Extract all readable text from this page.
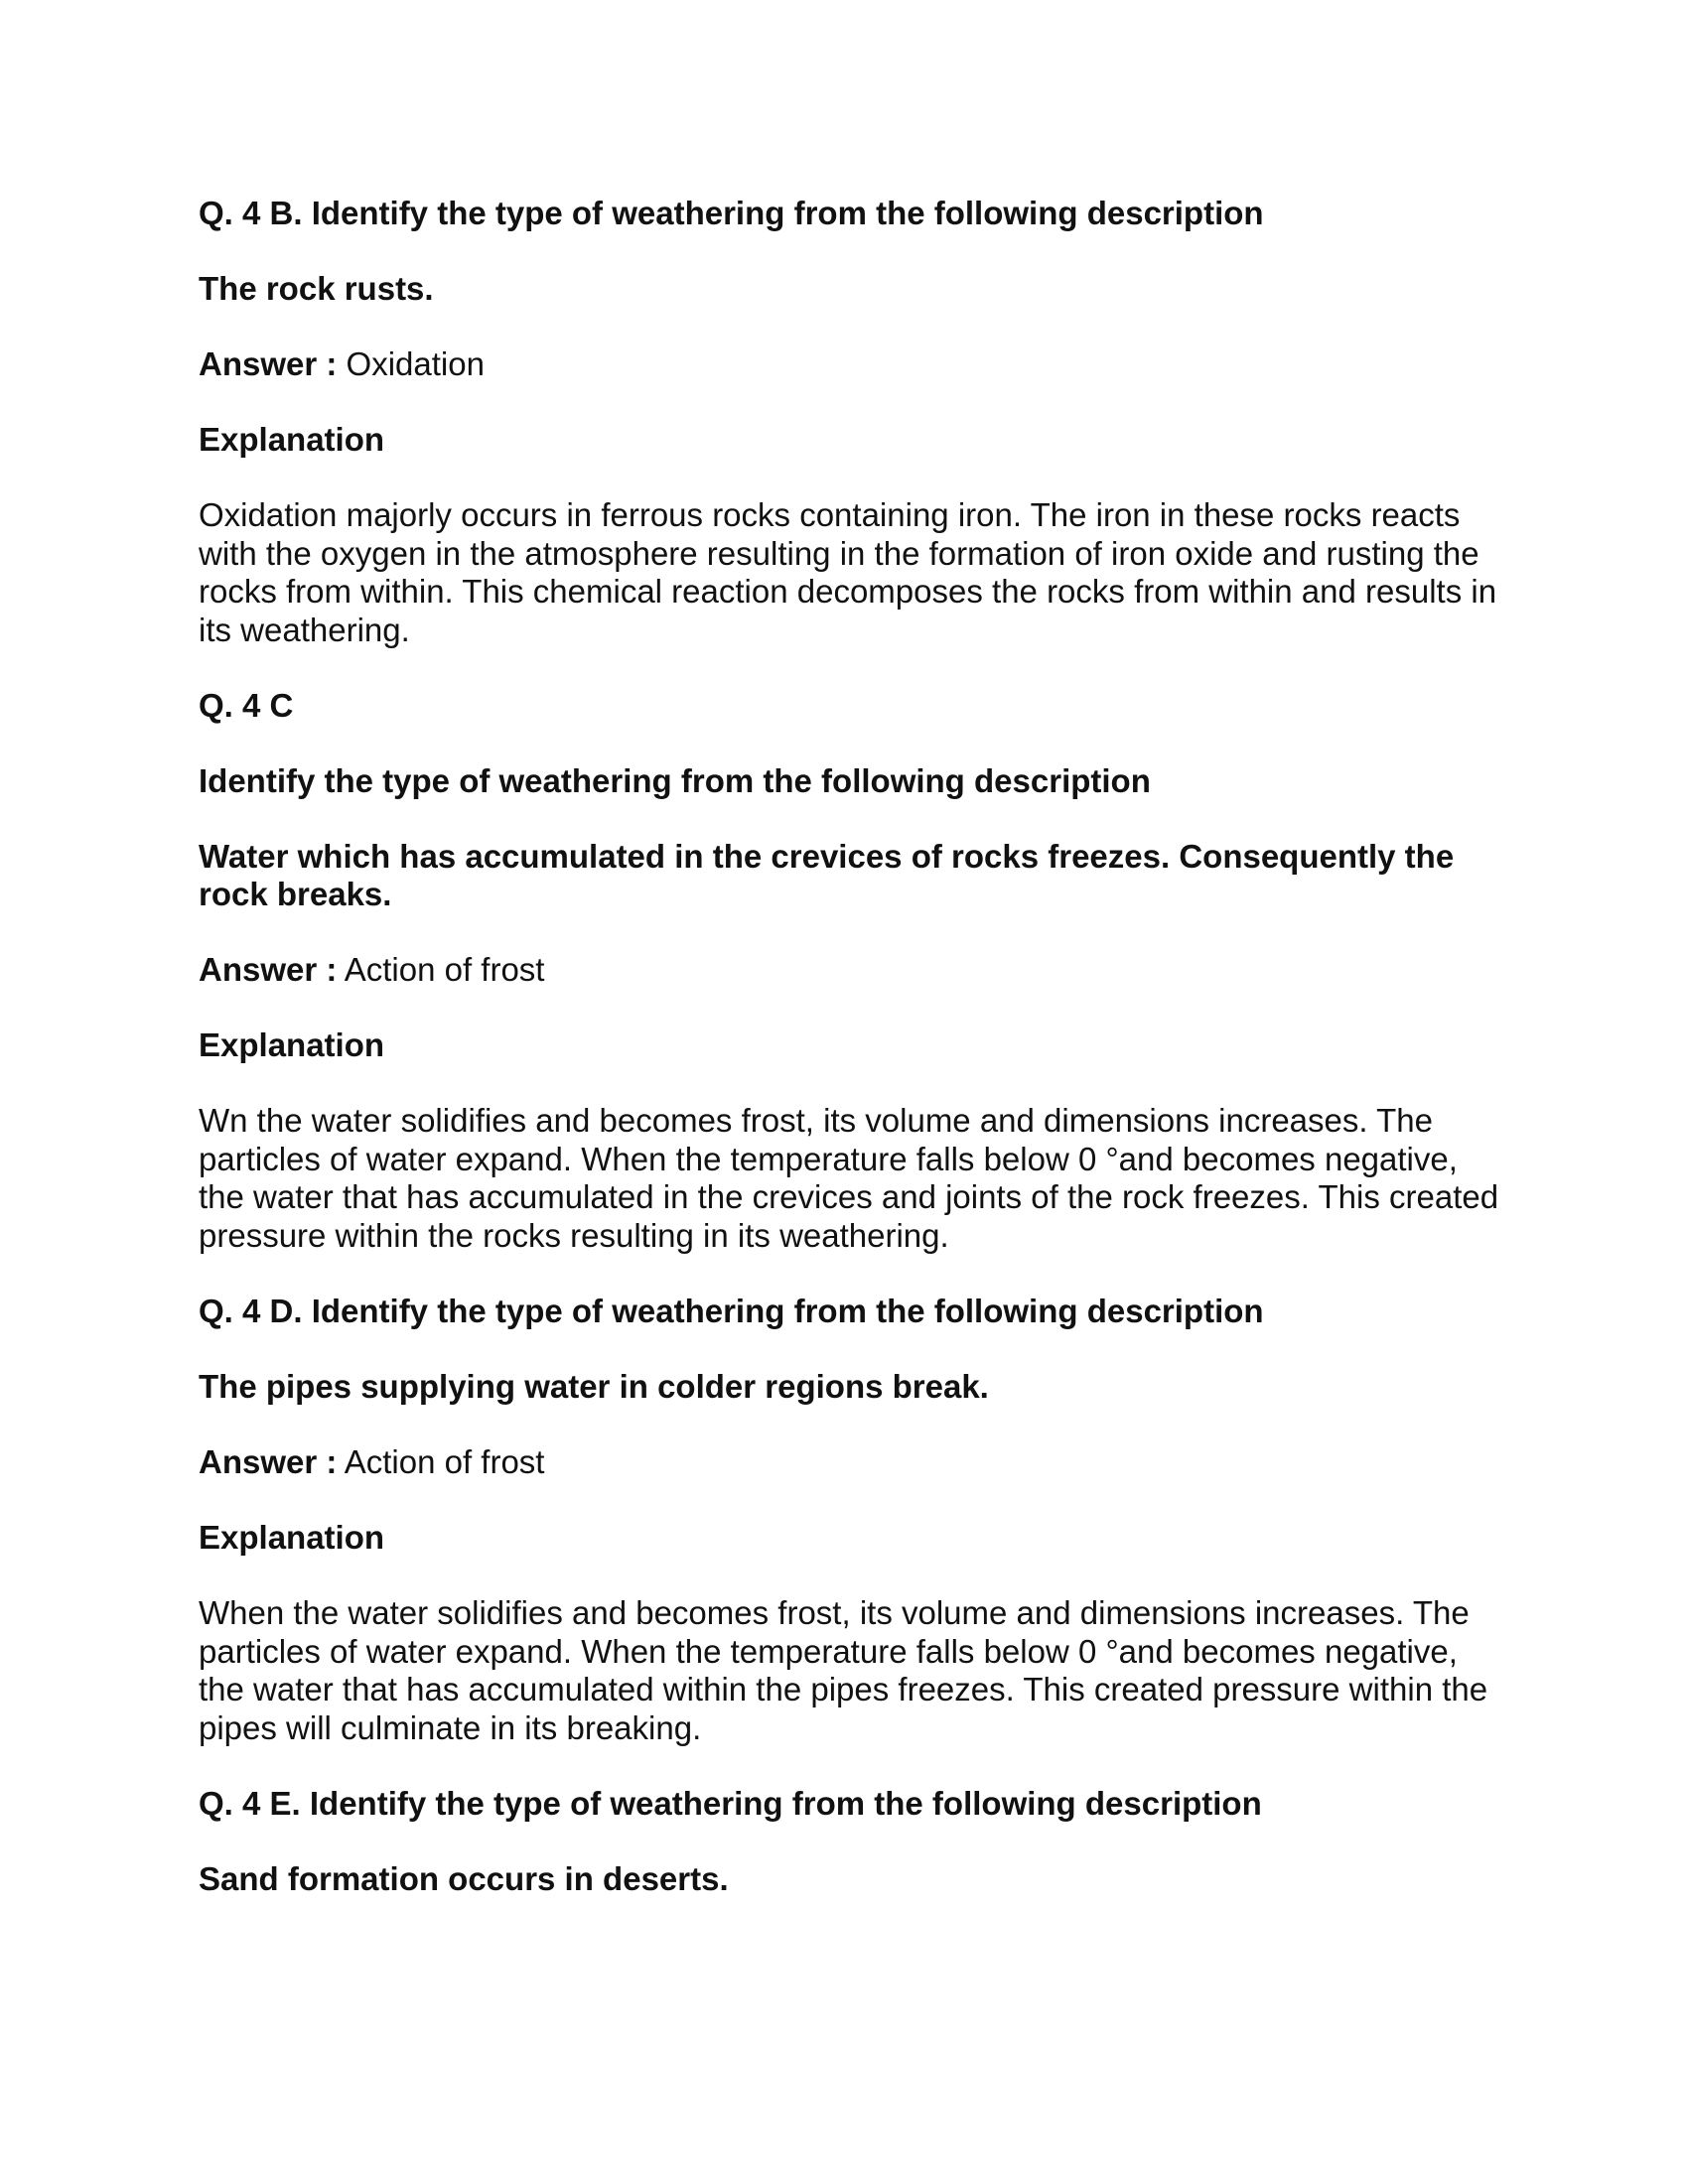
Q. 4 B. Identify the type of weathering from the following description
The rock rusts.
Answer : Oxidation
Explanation
Oxidation majorly occurs in ferrous rocks containing iron. The iron in these rocks reacts with the oxygen in the atmosphere resulting in the formation of iron oxide and rusting the rocks from within. This chemical reaction decomposes the rocks from within and results in its weathering.
Q. 4 C
Identify the type of weathering from the following description
Water which has accumulated in the crevices of rocks freezes. Consequently the rock breaks.
Answer : Action of frost
Explanation
Wn the water solidifies and becomes frost, its volume and dimensions increases. The particles of water expand. When the temperature falls below 0 °and becomes negative, the water that has accumulated in the crevices and joints of the rock freezes. This created pressure within the rocks resulting in its weathering.
Q. 4 D. Identify the type of weathering from the following description
The pipes supplying water in colder regions break.
Answer : Action of frost
Explanation
When the water solidifies and becomes frost, its volume and dimensions increases. The particles of water expand. When the temperature falls below 0 °and becomes negative, the water that has accumulated within the pipes freezes. This created pressure within the pipes will culminate in its breaking.
Q. 4 E. Identify the type of weathering from the following description
Sand formation occurs in deserts.
